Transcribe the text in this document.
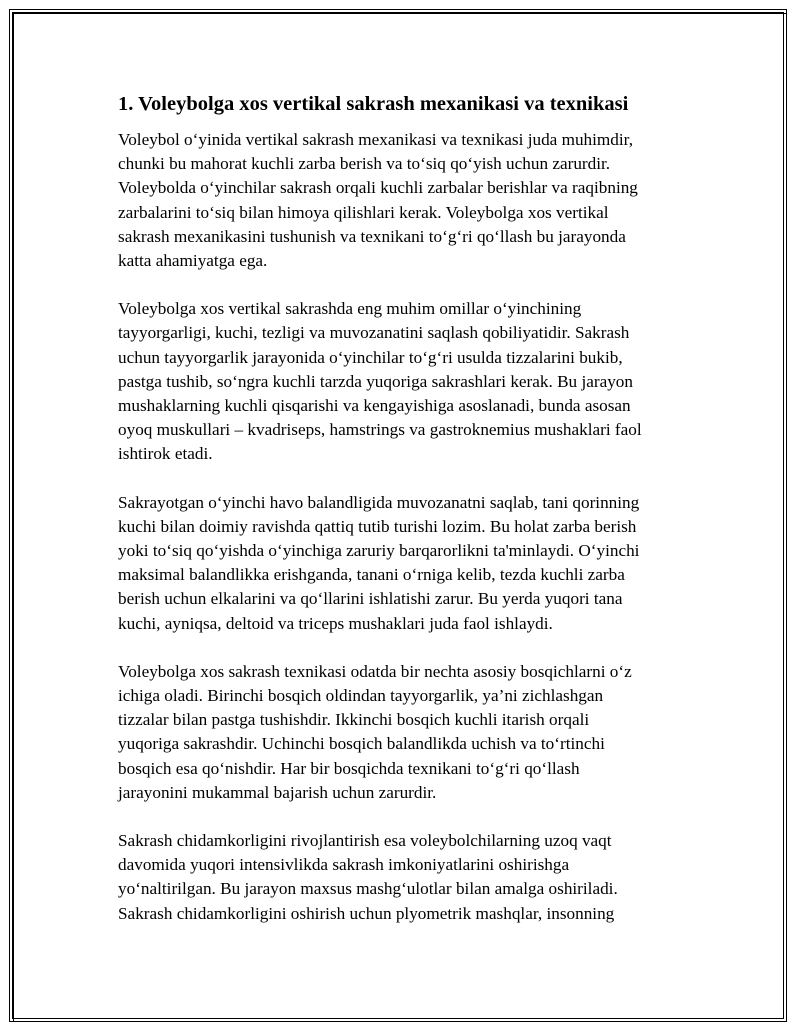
1. Voleybolga xos vertikal sakrash mexanikasi va texnikasi

Voleybol o‘yinida vertikal sakrash mexanikasi va texnikasi juda muhimdir,
chunki bu mahorat kuchli zarba berish va to‘siq qo‘yish uchun zarurdir.
Voleybolda o‘yinchilar sakrash orqali kuchli zarbalar berishlar va raqibning
zarbalarini to‘siq bilan himoya qilishlari kerak. Voleybolga xos vertikal
sakrash mexanikasini tushunish va texnikani to‘g‘ri qo‘llash bu jarayonda
katta ahamiyatga ega.

Voleybolga xos vertikal sakrashda eng muhim omillar o‘yinchining
tayyorgarligi, kuchi, tezligi va muvozanatini saqlash qobiliyatidir. Sakrash
uchun tayyorgarlik jarayonida o‘yinchilar to‘g‘ri usulda tizzalarini bukib,
pastga tushib, so‘ngra kuchli tarzda yuqoriga sakrashlari kerak. Bu jarayon
mushaklarning kuchli qisqarishi va kengayishiga asoslanadi, bunda asosan
oyoq muskullari – kvadriseps, hamstrings va gastroknemius mushaklari faol
ishtirok etadi.

Sakrayotgan o‘yinchi havo balandligida muvozanatni saqlab, tani qorinning
kuchi bilan doimiy ravishda qattiq tutib turishi lozim. Bu holat zarba berish
yoki to‘siq qo‘yishda o‘yinchiga zaruriy barqarorlikni ta'minlaydi. O‘yinchi
maksimal balandlikka erishganda, tanani o‘rniga kelib, tezda kuchli zarba
berish uchun elkalarini va qo‘llarini ishlatishi zarur. Bu yerda yuqori tana
kuchi, ayniqsa, deltoid va triceps mushaklari juda faol ishlaydi.

Voleybolga xos sakrash texnikasi odatda bir nechta asosiy bosqichlarni o‘z
ichiga oladi. Birinchi bosqich oldindan tayyorgarlik, ya’ni zichlashgan
tizzalar bilan pastga tushishdir. Ikkinchi bosqich kuchli itarish orqali
yuqoriga sakrashdir. Uchinchi bosqich balandlikda uchish va to‘rtinchi
bosqich esa qo‘nishdir. Har bir bosqichda texnikani to‘g‘ri qo‘llash
jarayonini mukammal bajarish uchun zarurdir.

Sakrash chidamkorligini rivojlantirish esa voleybolchilarning uzoq vaqt
davomida yuqori intensivlikda sakrash imkoniyatlarini oshirishga
yo‘naltirilgan. Bu jarayon maxsus mashg‘ulotlar bilan amalga oshiriladi.
Sakrash chidamkorligini oshirish uchun plyometrik mashqlar, insonning
